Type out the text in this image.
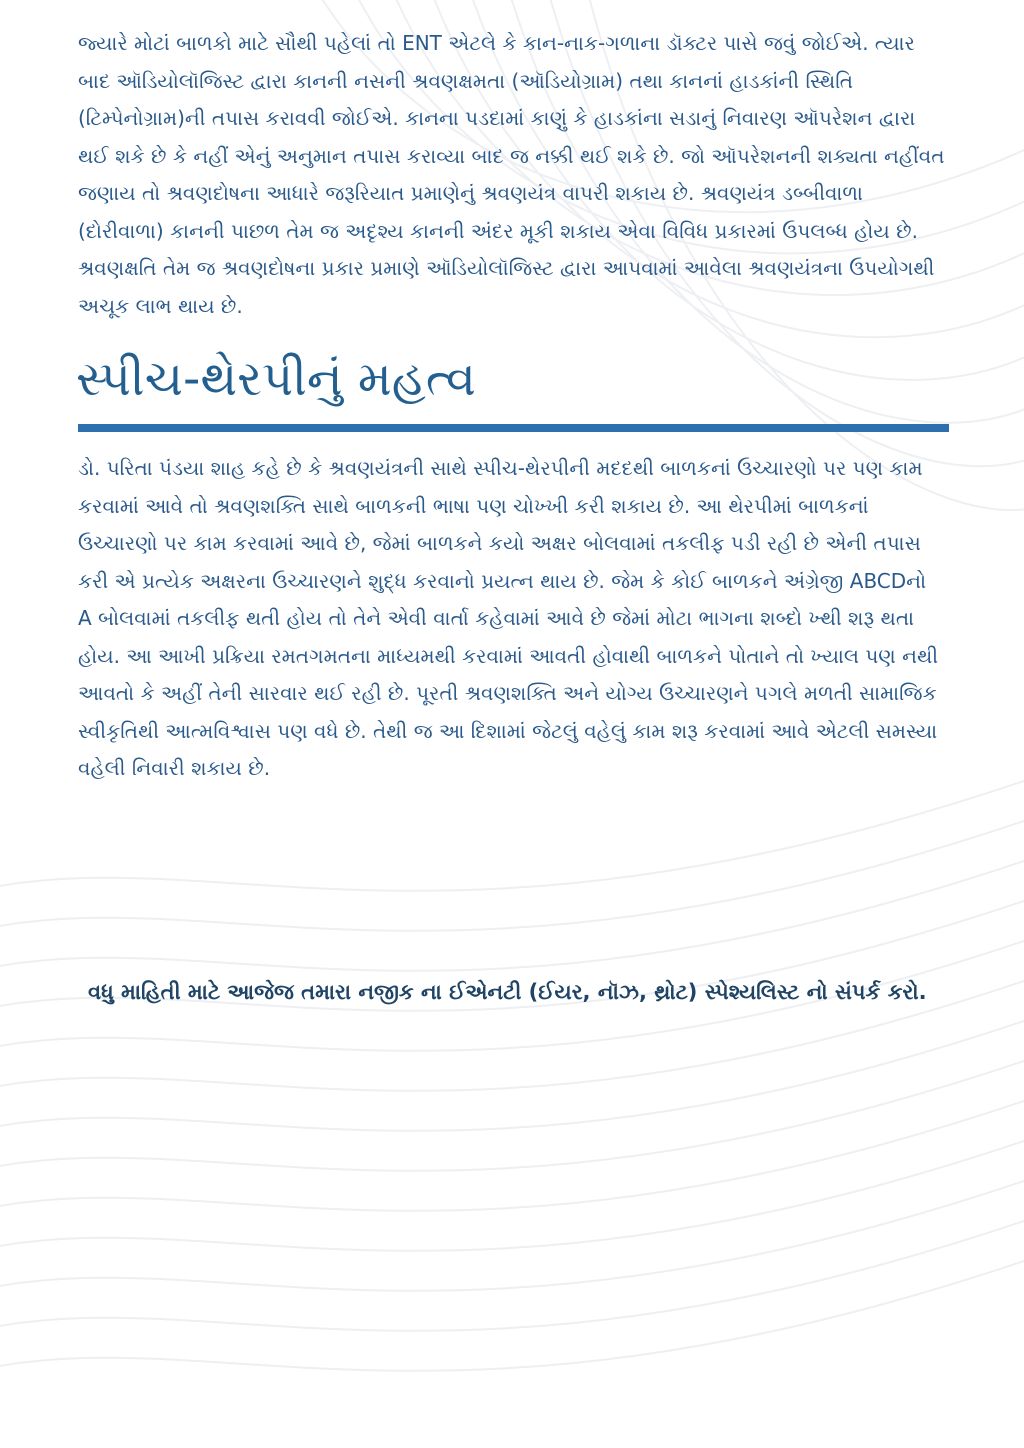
જ્યારે મોટાં બાળકો માટે સૌથી પહેલાં તો ENT એટલે કે કાન-નાક-ગળાના ડૉક્ટર પાસે જવું જોઈએ. ત્યાર બાદ ઑડિયોલૉજિસ્ટ દ્વારા કાનની નસની શ્રવણક્ષમતા (ઑડિયોગ્રામ) તથા કાનનાં હાડકાંની સ્થિતિ (ટિમ્પેનોગ્રામ)ની તપાસ કરાવવી જોઈએ. કાનના પડદામાં કાણું કે હાડકાંના સડાનું નિવારણ ઑપરેશન દ્વારા થઈ શકે છે કે નહીં એનું અનુમાન તપાસ કરાવ્યા બાદ જ નક્કી થઈ શકે છે. જો ઑપરેશનની શક્યતા નહીંવત જણાય તો શ્રવણદોષના આધારે જરૂરિયાત પ્રમાણેનું શ્રવણયંત્ર વાપરી શકાય છે. શ્રવણયંત્ર ડબ્બીવાળા (દોરીવાળા) કાનની પાછળ તેમ જ અદૃશ્ય કાનની અંદર મૂકી શકાય એવા વિવિધ પ્રકારમાં ઉપલબ્ધ હોય છે. શ્રવણક્ષતિ તેમ જ શ્રવણદોષના પ્રકાર પ્રમાણે ઑડિયોલૉજિસ્ટ દ્વારા આપવામાં આવેલા શ્રવણયંત્રના ઉપયોગથી અચૂક લાભ થાય છે.

સ્પીચ-થેરપીનું મહત્વ

ડો. પરિતા પંડયા શાહ કહે છે કે શ્રવણયંત્રની સાથે સ્પીચ-થેરપીની મદદથી બાળકનાં ઉચ્ચારણો પર પણ કામ કરવામાં આવે તો શ્રવણશક્તિ સાથે બાળકની ભાષા પણ ચોખ્ખી કરી શકાય છે. આ થેરપીમાં બાળકનાં ઉચ્ચારણો પર કામ કરવામાં આવે છે, જેમાં બાળકને કયો અક્ષર બોલવામાં તકલીફ પડી રહી છે એની તપાસ કરી એ પ્રત્યેક અક્ષરના ઉચ્ચારણને શુદ્ધ કરવાનો પ્રયત્ન થાય છે. જેમ કે કોઈ બાળકને અંગ્રેજી ABCDનો A બોલવામાં તકલીફ થતી હોય તો તેને એવી વાર્તા કહેવામાં આવે છે જેમાં મોટા ભાગના શબ્દો ખ્થી શરૂ થતા હોય. આ આખી પ્રક્રિયા રમતગમતના માધ્યમથી કરવામાં આવતી હોવાથી બાળકને પોતાને તો ખ્યાલ પણ નથી આવતો કે અહીં તેની સારવાર થઈ રહી છે. પૂરતી શ્રવણશક્તિ અને યોગ્ય ઉચ્ચારણને પગલે મળતી સામાજિક સ્વીકૃતિથી આત્મવિશ્વાસ પણ વધે છે. તેથી જ આ દિશામાં જેટલું વહેલું કામ શરૂ કરવામાં આવે એટલી સમસ્યા વહેલી નિવારી શકાય છે.

વધુ માહિતી માટે આજેજ તમારા નજીક ના ઈએનટી (ઈયર, નૉઝ, થ્રોટ) સ્પેશ્યલિસ્ટ નો સંપર્ક કરો.
